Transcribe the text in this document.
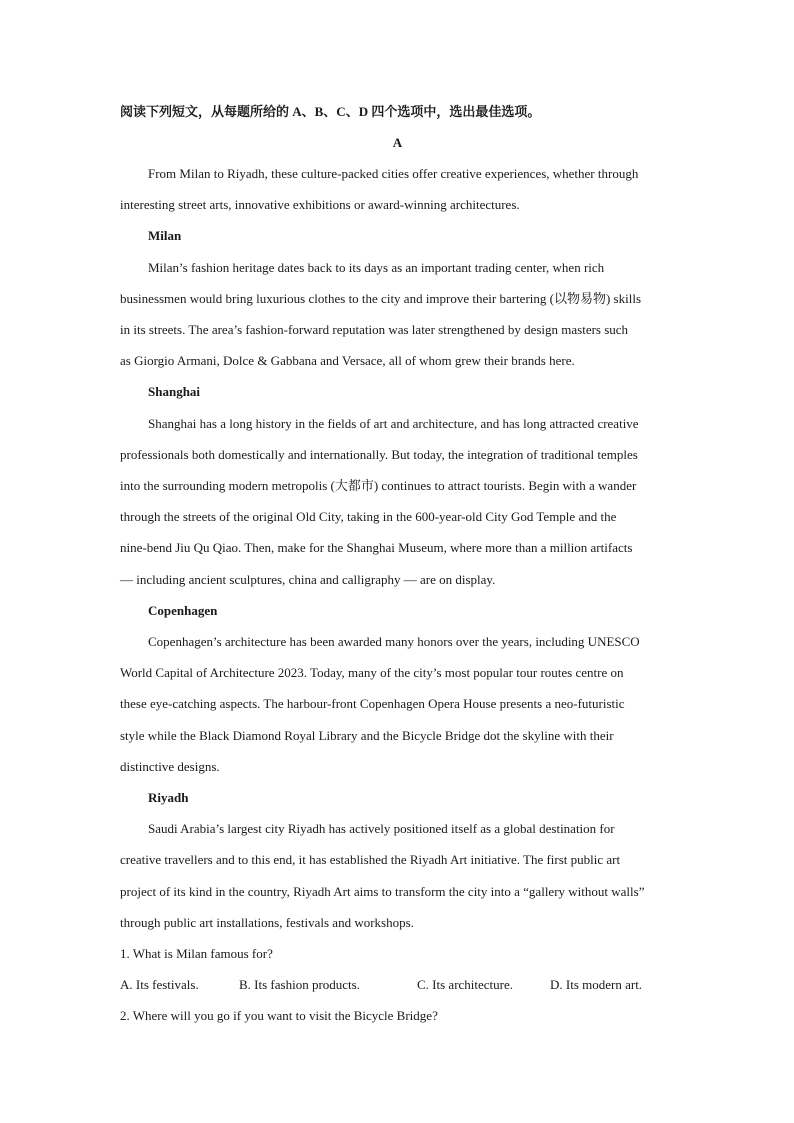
阅读下列短文，从每题所给的 A、B、C、D 四个选项中，选出最佳选项。
A
From Milan to Riyadh, these culture-packed cities offer creative experiences, whether through
interesting street arts, innovative exhibitions or award-winning architectures.
Milan
Milan’s fashion heritage dates back to its days as an important trading center, when rich
businessmen would bring luxurious clothes to the city and improve their bartering (以物易物) skills
in its streets. The area’s fashion-forward reputation was later strengthened by design masters such
as Giorgio Armani, Dolce & Gabbana and Versace, all of whom grew their brands here.
Shanghai
Shanghai has a long history in the fields of art and architecture, and has long attracted creative
professionals both domestically and internationally. But today, the integration of traditional temples
into the surrounding modern metropolis (大都市) continues to attract tourists. Begin with a wander
through the streets of the original Old City, taking in the 600-year-old City God Temple and the
nine-bend Jiu Qu Qiao. Then, make for the Shanghai Museum, where more than a million artifacts
— including ancient sculptures, china and calligraphy — are on display.
Copenhagen
Copenhagen’s architecture has been awarded many honors over the years, including UNESCO
World Capital of Architecture 2023. Today, many of the city’s most popular tour routes centre on
these eye-catching aspects. The harbour-front Copenhagen Opera House presents a neo-futuristic
style while the Black Diamond Royal Library and the Bicycle Bridge dot the skyline with their
distinctive designs.
Riyadh
Saudi Arabia’s largest city Riyadh has actively positioned itself as a global destination for
creative travellers and to this end, it has established the Riyadh Art initiative. The first public art
project of its kind in the country, Riyadh Art aims to transform the city into a “gallery without walls”
through public art installations, festivals and workshops.
1. What is Milan famous for?
A. Its festivals.	B. Its fashion products.	C. Its architecture.	D. Its modern art.
2. Where will you go if you want to visit the Bicycle Bridge?
